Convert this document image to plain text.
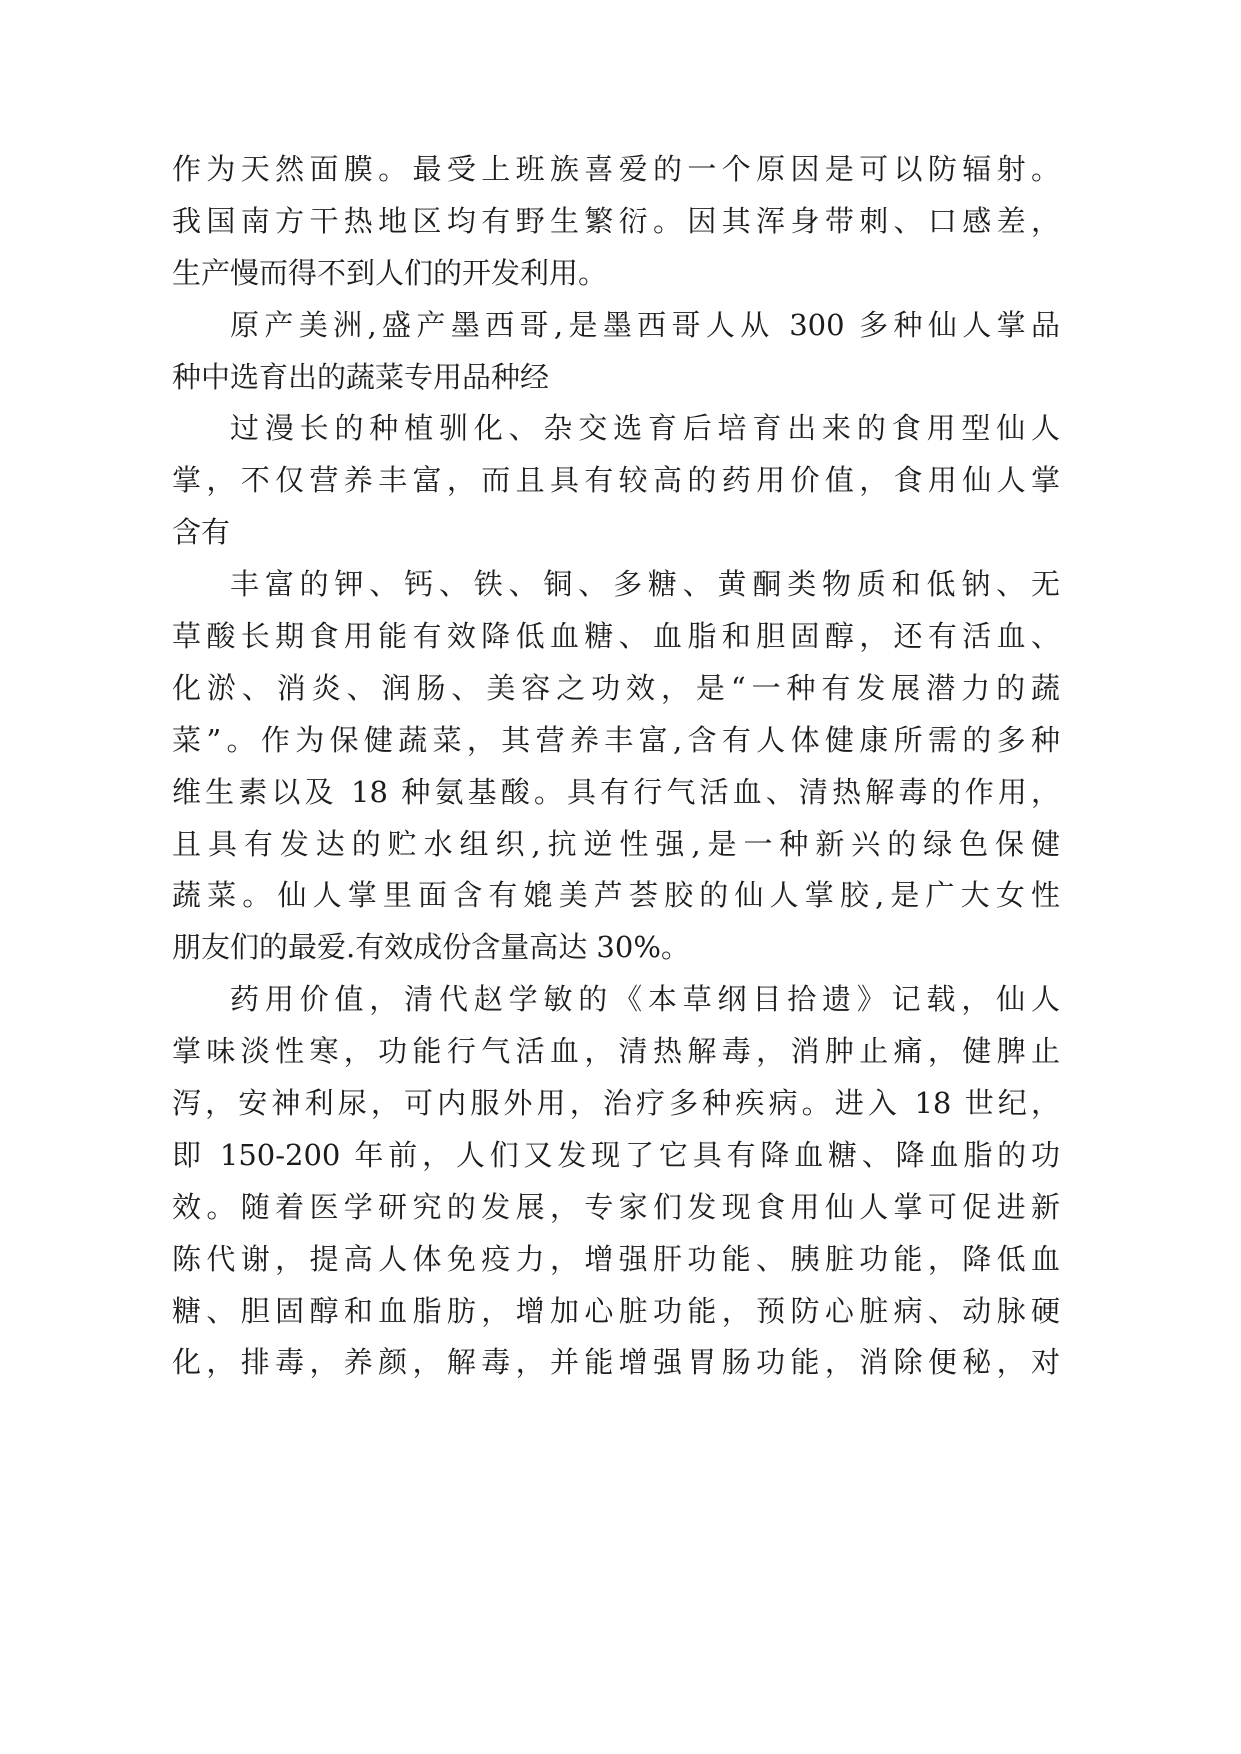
作为天然面膜。最受上班族喜爱的一个原因是可以防辐射。
我国南方干热地区均有野生繁衍。因其浑身带刺、口感差，
生产慢而得不到人们的开发利用。
原产美洲,盛产墨西哥,是墨西哥人从 300 多种仙人掌品
种中选育出的蔬菜专用品种经
过漫长的种植驯化、杂交选育后培育出来的食用型仙人
掌，不仅营养丰富，而且具有较高的药用价值，食用仙人掌
含有
丰富的钾、钙、铁、铜、多糖、黄酮类物质和低钠、无
草酸长期食用能有效降低血糖、血脂和胆固醇，还有活血、
化淤、消炎、润肠、美容之功效，是“一种有发展潜力的蔬
菜”。作为保健蔬菜，其营养丰富,含有人体健康所需的多种
维生素以及 18 种氨基酸。具有行气活血、清热解毒的作用，
且具有发达的贮水组织,抗逆性强,是一种新兴的绿色保健
蔬菜。仙人掌里面含有媲美芦荟胶的仙人掌胶,是广大女性
朋友们的最爱.有效成份含量高达 30%。
药用价值，清代赵学敏的《本草纲目拾遗》记载，仙人
掌味淡性寒，功能行气活血，清热解毒，消肿止痛，健脾止
泻，安神利尿，可内服外用，治疗多种疾病。进入 18 世纪，
即 150-200 年前，人们又发现了它具有降血糖、降血脂的功
效。随着医学研究的发展，专家们发现食用仙人掌可促进新
陈代谢，提高人体免疫力，增强肝功能、胰脏功能，降低血
糖、胆固醇和血脂肪，增加心脏功能，预防心脏病、动脉硬
化，排毒，养颜，解毒，并能增强胃肠功能，消除便秘，对
